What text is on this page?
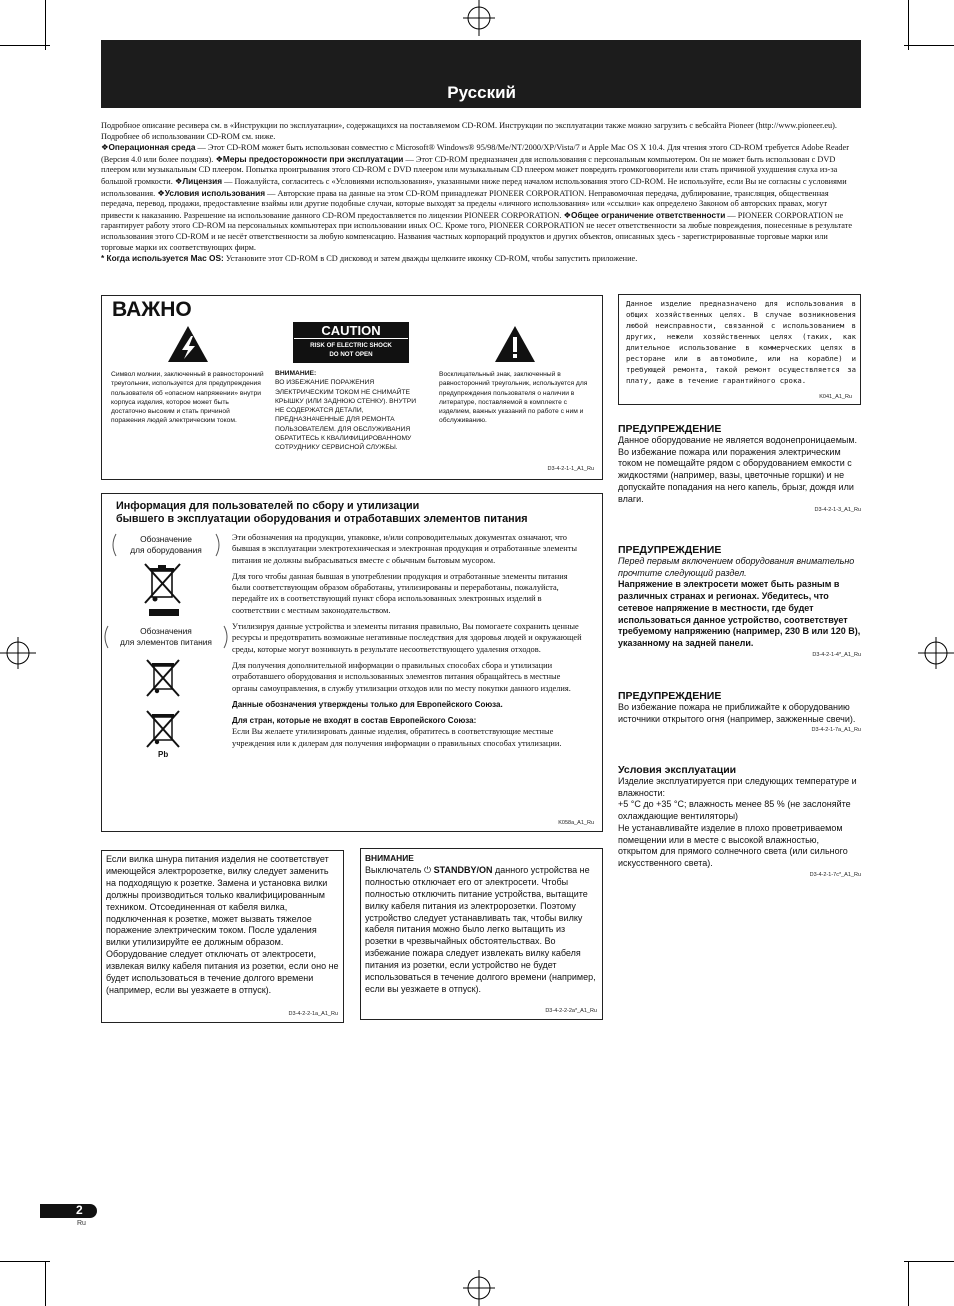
Русский
Подробное описание ресивера см. в «Инструкции по эксплуатации», содержащихся на поставляемом CD-ROM. Инструкции по эксплуатации также можно загрузить с вебсайта Pioneer (http://www.pioneer.eu). Подробнее об использовании CD-ROM см. ниже.
❖Операционная среда — Этот CD-ROM может быть использован совместно с Microsoft® Windows® 95/98/Me/NT/2000/XP/Vista/7 и Apple Mac OS X 10.4. Для чтения этого CD-ROM требуется Adobe Reader (Версия 4.0 или более поздняя). ❖Меры предосторожности при эксплуатации — Этот CD-ROM предназначен для использования с персональным компьютером. Он не может быть использован с DVD плеером или музыкальным CD плеером. Попытка проигрывания этого CD-ROM с DVD плеером или музыкальным CD плеером может повредить громкоговорители или стать причиной ухудшения слуха из-за большой громкости. ❖Лицензия — Пожалуйста, согласитесь с «Условиями использования», указанными ниже перед началом использования этого CD-ROM. Не используйте, если Вы не согласны с условиями использования. ❖Условия использования — Авторские права на данные на этом CD-ROM принадлежат PIONEER CORPORATION. Неправомочная передача, дублирование, трансляция, общественная передача, перевод, продажи, предоставление взаймы или другие подобные случаи, которые выходят за пределы «личного использования» или «ссылки» как определено Законом об авторских правах, могут привести к наказанию. Разрешение на использование данного CD-ROM предоставляется по лицензии PIONEER CORPORATION. ❖Общее ограничение ответственности — PIONEER CORPORATION не гарантирует работу этого CD-ROM на персональных компьютерах при использовании иных ОС. Кроме того, PIONEER CORPORATION не несет ответственности за любые повреждения, понесенные в результате использования этого CD-ROM и не несёт ответственности за любую компенсацию. Названия частных корпораций продуктов и других объектов, описанных здесь - зарегистрированные торговые марки или торговые марки их соответствующих фирм.
* Когда используется Mac OS: Установите этот CD-ROM в CD дисковод и затем дважды щелкните иконку CD-ROM, чтобы запустить приложение.
ВАЖНО
CAUTION
RISK OF ELECTRIC SHOCK
DO NOT OPEN
Символ молнии, заключенный в равносторонний треугольник, используется для предупреждения пользователя об «опасном напряжении» внутри корпуса изделия, которое может быть достаточно высоким и стать причиной поражения людей электрическим током.
ВНИМАНИЕ:
ВО ИЗБЕЖАНИЕ ПОРАЖЕНИЯ ЭЛЕКТРИЧЕСКИМ ТОКОМ НЕ СНИМАЙТЕ КРЫШКУ (ИЛИ ЗАДНЮЮ СТЕНКУ). ВНУТРИ НЕ СОДЕРЖАТСЯ ДЕТАЛИ, ПРЕДНАЗНАЧЕННЫЕ ДЛЯ РЕМОНТА ПОЛЬЗОВАТЕЛЕМ. ДЛЯ ОБСЛУЖИВАНИЯ ОБРАТИТЕСЬ К КВАЛИФИЦИРОВАННОМУ СОТРУДНИКУ СЕРВИСНОЙ СЛУЖБЫ.
Восклицательный знак, заключенный в равносторонний треугольник, используется для предупреждения пользователя о наличии в литературе, поставляемой в комплекте с изделием, важных указаний по работе с ним и обслуживанию.
D3-4-2-1-1_A1_Ru
Информация для пользователей по сбору и утилизации
бывшего в эксплуатации оборудования и отработавших элементов питания
Обозначение
для оборудования
Обозначения
для элементов питания
Pb
Эти обозначения на продукции, упаковке, и/или сопроводительных документах означают, что бывшая в эксплуатации электротехническая и электронная продукция и отработанные элементы питания не должны выбрасываться вместе с обычным бытовым мусором.
Для того чтобы данная бывшая в употреблении продукция и отработанные элементы питания были соответствующим образом обработаны, утилизированы и переработаны, пожалуйста, передайте их в соответствующий пункт сбора использованных электронных изделий в соответствии с местным законодательством.
Утилизируя данные устройства и элементы питания правильно, Вы помогаете сохранить ценные ресурсы и предотвратить возможные негативные последствия для здоровья людей и окружающей среды, которые могут возникнуть в результате несоответствующего удаления отходов.
Для получения дополнительной информации о правильных способах сбора и утилизации отработавшего оборудования и использованных элементов питания обращайтесь в местные органы самоуправления, в службу утилизации отходов или по месту покупки данного изделия.
Данные обозначения утверждены только для Европейского Союза.
Для стран, которые не входят в состав Европейского Союза:
Если Вы желаете утилизировать данные изделия, обратитесь в соответствующие местные учреждения или к дилерам для получения информации о правильных способах утилизации.
K058a_A1_Ru
Если вилка шнура питания изделия не соответствует имеющейся электророзетке, вилку следует заменить на подходящую к розетке. Замена и установка вилки должны производиться только квалифицированным техником. Отсоединенная от кабеля вилка, подключенная к розетке, может вызвать тяжелое поражение электрическим током. После удаления вилки утилизируйте ее должным образом. Оборудование следует отключать от электросети, извлекая вилку кабеля питания из розетки, если оно не будет использоваться в течение долгого времени (например, если вы уезжаете в отпуск).
D3-4-2-2-1a_A1_Ru
ВНИМАНИЕ
Выключатель ⏻ STANDBY/ON данного устройства не полностью отключает его от электросети. Чтобы полностью отключить питание устройства, вытащите вилку кабеля питания из электророзетки. Поэтому устройство следует устанавливать так, чтобы вилку кабеля питания можно было легко вытащить из розетки в чрезвычайных обстоятельствах. Во избежание пожара следует извлекать вилку кабеля питания из розетки, если устройство не будет использоваться в течение долгого времени (например, если вы уезжаете в отпуск).
D3-4-2-2-2a*_A1_Ru
Данное изделие предназначено для использования в общих хозяйственных целях. В случае возникновения любой неисправности, связанной с использованием в других, нежели хозяйственных целях (таких, как длительное использование в коммерческих целях в ресторане или в автомобиле, или на корабле) и требующей ремонта, такой ремонт осуществляется за плату, даже в течение гарантийного срока.
K041_A1_Ru
ПРЕДУПРЕЖДЕНИЕ
Данное оборудование не является водонепроницаемым. Во избежание пожара или поражения электрическим током не помещайте рядом с оборудованием емкости с жидкостями (например, вазы, цветочные горшки) и не допускайте попадания на него капель, брызг, дождя или влаги.
D3-4-2-1-3_A1_Ru
ПРЕДУПРЕЖДЕНИЕ
Перед первым включением оборудования внимательно прочтите следующий раздел.
Напряжение в электросети может быть разным в различных странах и регионах. Убедитесь, что сетевое напряжение в местности, где будет использоваться данное устройство, соответствует требуемому напряжению (например, 230 В или 120 В), указанному на задней панели.
D3-4-2-1-4*_A1_Ru
ПРЕДУПРЕЖДЕНИЕ
Во избежание пожара не приближайте к оборудованию источники открытого огня (например, зажженные свечи).
D3-4-2-1-7a_A1_Ru
Условия эксплуатации
Изделие эксплуатируется при следующих температуре и влажности:
+5 °C до +35 °C; влажность менее 85 % (не заслоняйте охлаждающие вентиляторы)
Не устанавливайте изделие в плохо проветриваемом помещении или в месте с высокой влажностью, открытом для прямого солнечного света (или сильного искусственного света).
D3-4-2-1-7c*_A1_Ru
2
Ru
